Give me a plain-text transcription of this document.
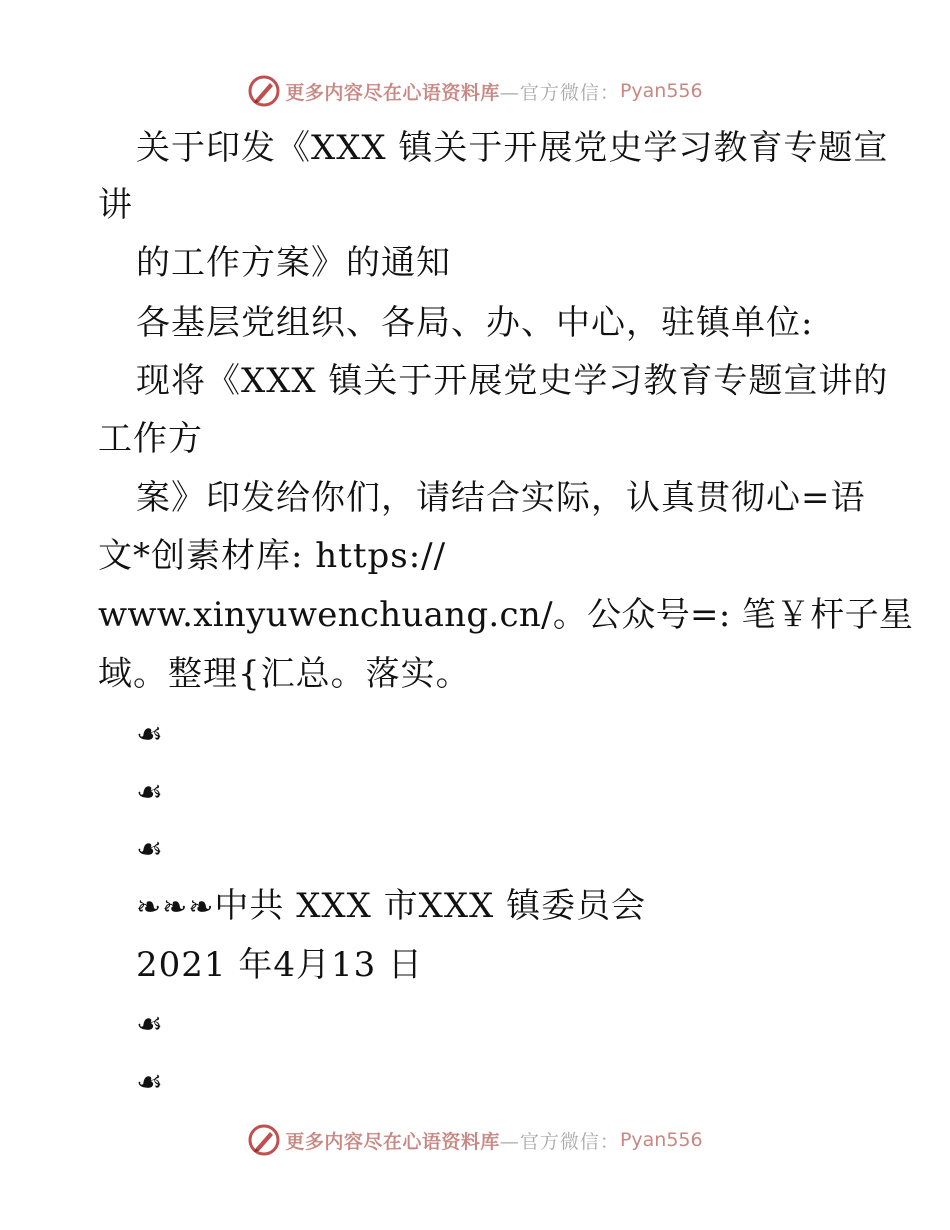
更多内容尽在心语资料库 —官方微信： Pyan556
关于印发《XXX 镇关于开展党史学习教育专题宣
讲
的工作方案》的通知
各基层党组织、各局、办、中心，驻镇单位:
现将《XXX 镇关于开展党史学习教育专题宣讲的
工作方
案》印发给你们，请结合实际，认真贯彻心=语
文*创素材库: https://
www.xinyuwenchuang.cn/。公众号=: 笔￥杆子星
域。整理{汇总。落实。
☙
☙
☙
❧❧❧中共 XXX 市XXX 镇委员会
2021 年4月13 日
☙
☙
更多内容尽在心语资料库 —官方微信： Pyan556
